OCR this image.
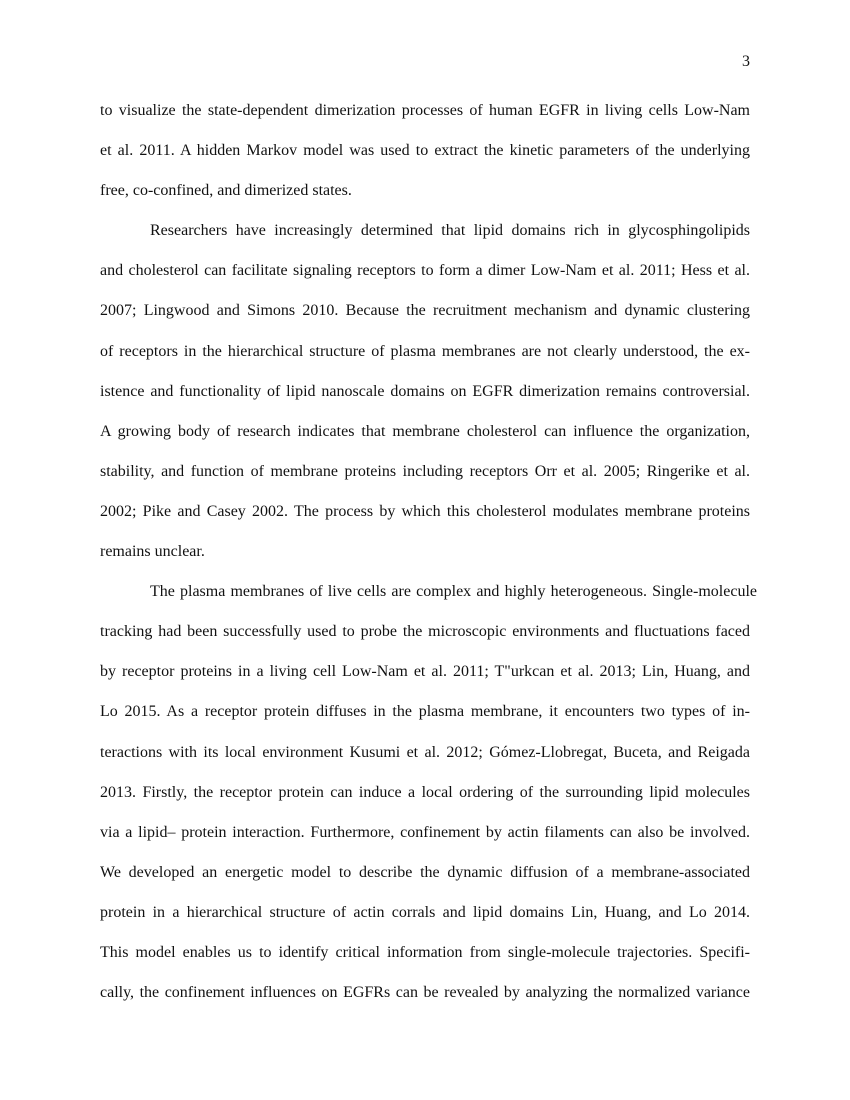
3
to visualize the state-dependent dimerization processes of human EGFR in living cells Low-Nam
et al. 2011. A hidden Markov model was used to extract the kinetic parameters of the underlying
free, co-confined, and dimerized states.
Researchers have increasingly determined that lipid domains rich in glycosphingolipids
and cholesterol can facilitate signaling receptors to form a dimer Low-Nam et al. 2011; Hess et al.
2007; Lingwood and Simons 2010. Because the recruitment mechanism and dynamic clustering
of receptors in the hierarchical structure of plasma membranes are not clearly understood, the ex-
istence and functionality of lipid nanoscale domains on EGFR dimerization remains controversial.
A growing body of research indicates that membrane cholesterol can influence the organization,
stability, and function of membrane proteins including receptors Orr et al. 2005; Ringerike et al.
2002; Pike and Casey 2002. The process by which this cholesterol modulates membrane proteins
remains unclear.
The plasma membranes of live cells are complex and highly heterogeneous. Single-molecule
tracking had been successfully used to probe the microscopic environments and fluctuations faced
by receptor proteins in a living cell Low-Nam et al. 2011; T"urkcan et al. 2013; Lin, Huang, and
Lo 2015. As a receptor protein diffuses in the plasma membrane, it encounters two types of in-
teractions with its local environment Kusumi et al. 2012; Gómez-Llobregat, Buceta, and Reigada
2013. Firstly, the receptor protein can induce a local ordering of the surrounding lipid molecules
via a lipid– protein interaction. Furthermore, confinement by actin filaments can also be involved.
We developed an energetic model to describe the dynamic diffusion of a membrane-associated
protein in a hierarchical structure of actin corrals and lipid domains Lin, Huang, and Lo 2014.
This model enables us to identify critical information from single-molecule trajectories. Specifi-
cally, the confinement influences on EGFRs can be revealed by analyzing the normalized variance
